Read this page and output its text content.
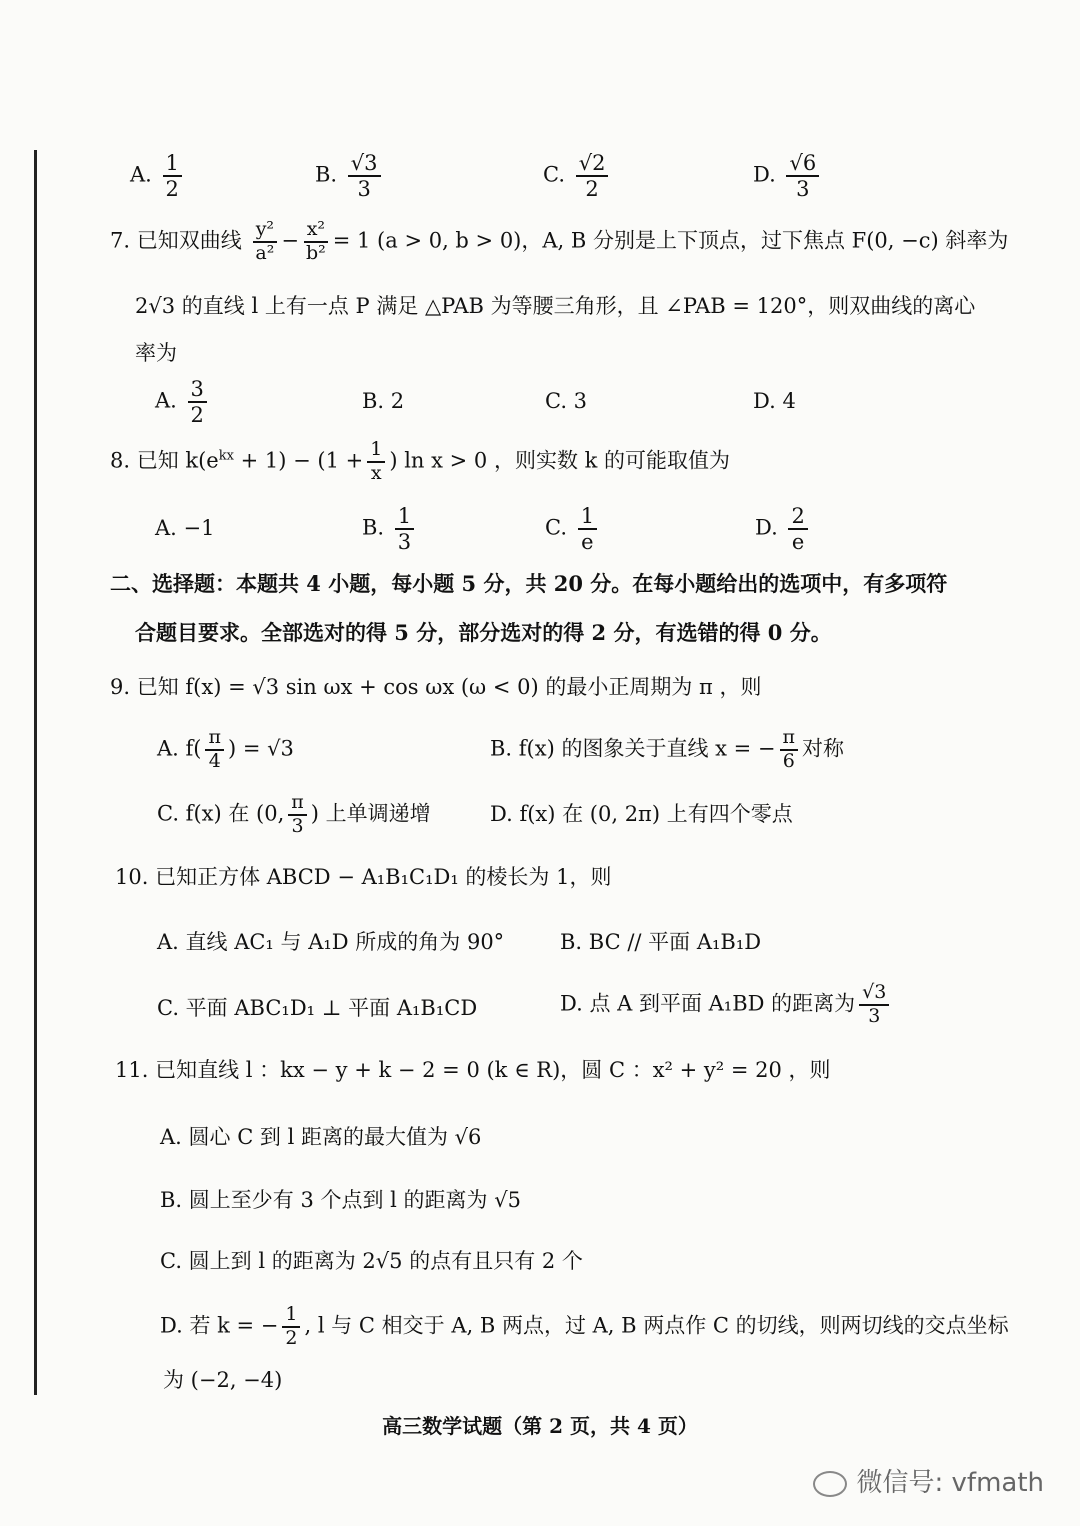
A. $\frac{1}{2}$	B. $\frac{√3}{3}$	C. $\frac{√2}{2}$	D. $\frac{√6}{3}$
7. 已知双曲线 $\frac{\text{y²}}{\text{a²}} - \frac{\text{x²}}{\text{b²}} = 1$ (a > 0, b > 0)，A, B 分别是上下顶点，过下焦点 F(0, −c) 斜率为
2√3 的直线 l 上有一点 P 满足 △PAB 为等腰三角形，且 ∠PAB = 120°，则双曲线的离心
率为
A. $\frac{3}{2}$	B. 2	C. 3	D. 4
8. 已知 $k(e^{kx} + 1) - (1 + \frac{1}{x}$ ) ln x > 0 ，则实数 k 的可能取值为
A. −1	B. $\frac{1}{3}$	C. $\frac{1}{e}$	D. $\frac{2}{e}$
二、选择题：本题共 4 小题，每小题 5 分，共 20 分。在每小题给出的选项中，有多项符
合题目要求。全部选对的得 5 分，部分选对的得 2 分，有选错的得 0 分。
9. 已知 f(x) = √3 sin ωx + cos ωx (ω < 0) 的最小正周期为 π ，则
A. $f( \frac{\pi}{4}$ ) = √3	B. f(x) 的图象关于直线 x = − $\frac{\pi}{6}$ 对称
C. f(x) 在 (0, $\frac{\pi}{3}$ ) 上单调递增	D. f(x) 在 (0, 2π) 上有四个零点
10. 已知正方体 ABCD − A₁B₁C₁D₁ 的棱长为 1，则
A. 直线 AC₁ 与 A₁D 所成的角为 90°	B. BC // 平面 A₁B₁D
C. 平面 ABC₁D₁ ⊥ 平面 A₁B₁CD	D. 点 A 到平面 A₁BD 的距离为 $\frac{√3}{3}$
11. 已知直线 l ：kx − y + k − 2 = 0 (k ∈ R)，圆 C ：x² + y² = 20 ，则
A. 圆心 C 到 l 距离的最大值为 √6
B. 圆上至少有 3 个点到 l 的距离为 √5
C. 圆上到 l 的距离为 2√5 的点有且只有 2 个
D. 若 k = − $\frac{1}{2}$ , l 与 C 相交于 A, B 两点，过 A, B 两点作 C 的切线，则两切线的交点坐标
为 (−2, −4)
高三数学试题（第 2 页，共 4 页）
微信号: vfmath
